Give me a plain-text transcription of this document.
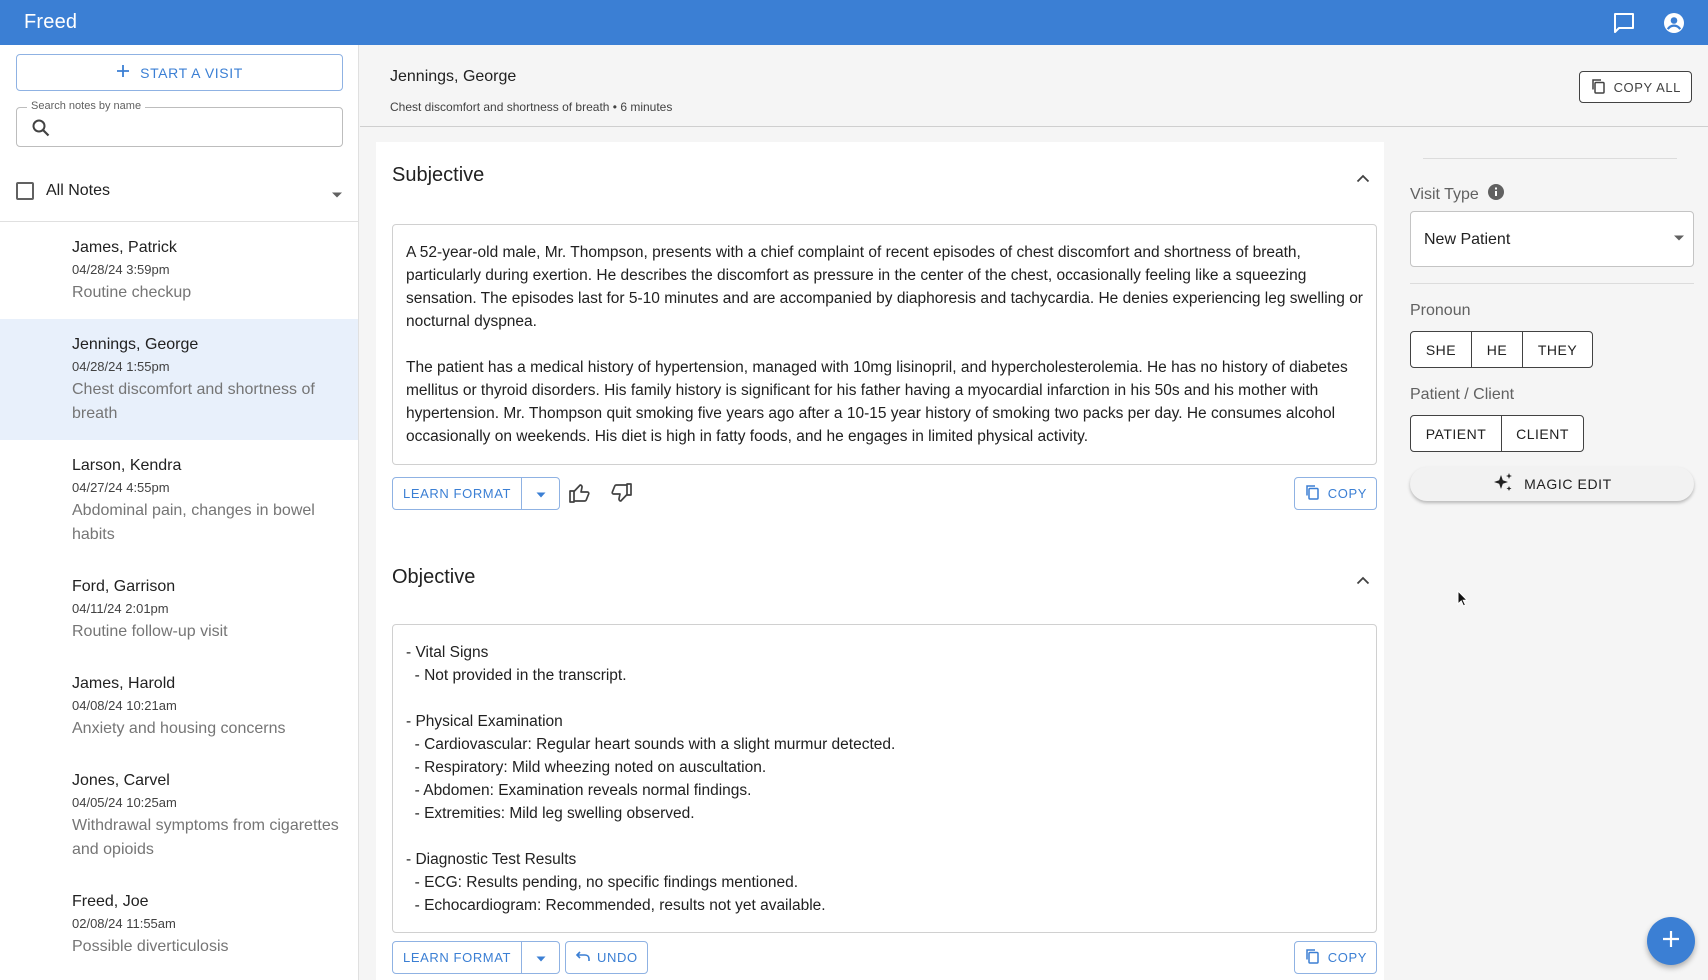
Freed
START A VISIT
Search notes by name
All Notes
James, Patrick
04/28/24 3:59pm
Routine checkup
Jennings, George
04/28/24 1:55pm
Chest discomfort and shortness of breath
Larson, Kendra
04/27/24 4:55pm
Abdominal pain, changes in bowel habits
Ford, Garrison
04/11/24 2:01pm
Routine follow-up visit
James, Harold
04/08/24 10:21am
Anxiety and housing concerns
Jones, Carvel
04/05/24 10:25am
Withdrawal symptoms from cigarettes and opioids
Freed, Joe
02/08/24 11:55am
Possible diverticulosis
Jennings, George
Chest discomfort and shortness of breath • 6 minutes
COPY ALL
Subjective

A 52-year-old male, Mr. Thompson, presents with a chief complaint of recent episodes of chest discomfort and shortness of breath, particularly during exertion. He describes the discomfort as pressure in the center of the chest, occasionally feeling like a squeezing sensation. The episodes last for 5-10 minutes and are accompanied by diaphoresis and tachycardia. He denies experiencing leg swelling or nocturnal dyspnea.

The patient has a medical history of hypertension, managed with 10mg lisinopril, and hypercholesterolemia. He has no history of diabetes mellitus or thyroid disorders. His family history is significant for his father having a myocardial infarction in his 50s and his mother with hypertension. Mr. Thompson quit smoking five years ago after a 10-15 year history of smoking two packs per day. He consumes alcohol occasionally on weekends. His diet is high in fatty foods, and he engages in limited physical activity.

LEARN FORMAT	COPY
Objective
- Vital Signs
- Not provided in the transcript.
- Physical Examination
- Cardiovascular: Regular heart sounds with a slight murmur detected.
- Respiratory: Mild wheezing noted on auscultation.
- Abdomen: Examination reveals normal findings.
- Extremities: Mild leg swelling observed.
- Diagnostic Test Results
- ECG: Results pending, no specific findings mentioned.
- Echocardiogram: Recommended, results not yet available.
LEARN FORMAT	UNDO	COPY
Visit Type
New Patient
Pronoun
SHE	HE	THEY
Patient / Client
PATIENT	CLIENT
MAGIC EDIT
